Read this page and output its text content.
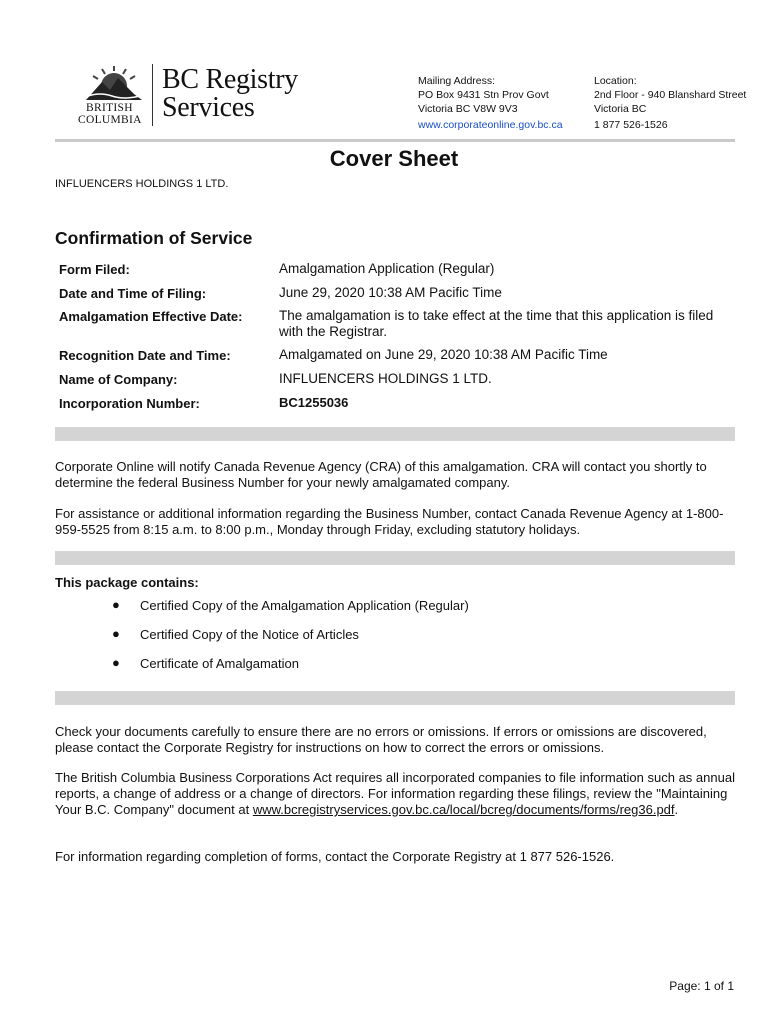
BRITISH
COLUMBIA
BC Registry
Services
Mailing Address:
PO Box 9431 Stn Prov Govt
Victoria BC V8W 9V3
www.corporateonline.gov.bc.ca
Location:
2nd Floor - 940 Blanshard Street
Victoria BC
1 877 526-1526
Cover Sheet
INFLUENCERS HOLDINGS 1 LTD.
Confirmation of Service
Form Filed:	Amalgamation Application (Regular)
Date and Time of Filing:	June 29, 2020 10:38 AM Pacific Time
Amalgamation Effective Date:	The amalgamation is to take effect at the time that this application is filed with the Registrar.
Recognition Date and Time:	Amalgamated on June 29, 2020 10:38 AM Pacific Time
Name of Company:	INFLUENCERS HOLDINGS 1 LTD.
Incorporation Number:	BC1255036
Corporate Online will notify Canada Revenue Agency (CRA) of this amalgamation. CRA will contact you shortly to determine the federal Business Number for your newly amalgamated company.
For assistance or additional information regarding the Business Number, contact Canada Revenue Agency at 1-800-959-5525 from 8:15 a.m. to 8:00 p.m., Monday through Friday, excluding statutory holidays.
This package contains:
● Certified Copy of the Amalgamation Application (Regular)
● Certified Copy of the Notice of Articles
● Certificate of Amalgamation
Check your documents carefully to ensure there are no errors or omissions. If errors or omissions are discovered, please contact the Corporate Registry for instructions on how to correct the errors or omissions.
The British Columbia Business Corporations Act requires all incorporated companies to file information such as annual reports, a change of address or a change of directors. For information regarding these filings, review the "Maintaining Your B.C. Company" document at www.bcregistryservices.gov.bc.ca/local/bcreg/documents/forms/reg36.pdf.
For information regarding completion of forms, contact the Corporate Registry at 1 877 526-1526.
Page: 1 of 1
